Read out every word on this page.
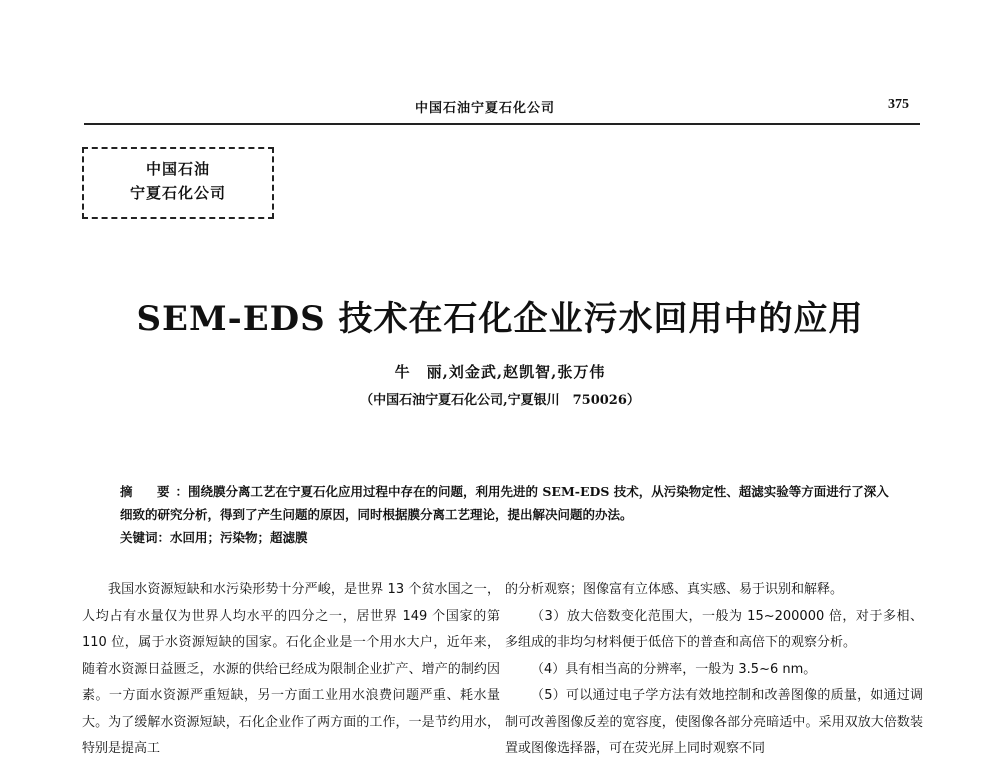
中国石油宁夏石化公司	375
中国石油
宁夏石化公司
SEM-EDS 技术在石化企业污水回用中的应用
牛　丽,刘金武,赵凯智,张万伟
（中国石油宁夏石化公司,宁夏银川　750026）
摘　要：围绕膜分离工艺在宁夏石化应用过程中存在的问题，利用先进的 SEM-EDS 技术，从污染物定性、超滤实验等方面进行了深入细致的研究分析，得到了产生问题的原因，同时根据膜分离工艺理论，提出解决问题的办法。
关键词：水回用；污染物；超滤膜

我国水资源短缺和水污染形势十分严峻，是世界 13 个贫水国之一，人均占有水量仅为世界人均水平的四分之一，居世界 149 个国家的第 110 位，属于水资源短缺的国家。石化企业是一个用水大户，近年来，随着水资源日益匮乏，水源的供给已经成为限制企业扩产、增产的制约因素。一方面水资源严重短缺，另一方面工业用水浪费问题严重、耗水量大。为了缓解水资源短缺，石化企业作了两方面的工作，一是节约用水，特别是提高工

的分析观察；图像富有立体感、真实感、易于识别和解释。

（3）放大倍数变化范围大，一般为 15~200000 倍，对于多相、多组成的非均匀材料便于低倍下的普查和高倍下的观察分析。

（4）具有相当高的分辨率，一般为 3.5~6 nm。

（5）可以通过电子学方法有效地控制和改善图像的质量，如通过调制可改善图像反差的宽容度，使图像各部分亮暗适中。采用双放大倍数装置或图像选择器，可在荧光屏上同时观察不同
